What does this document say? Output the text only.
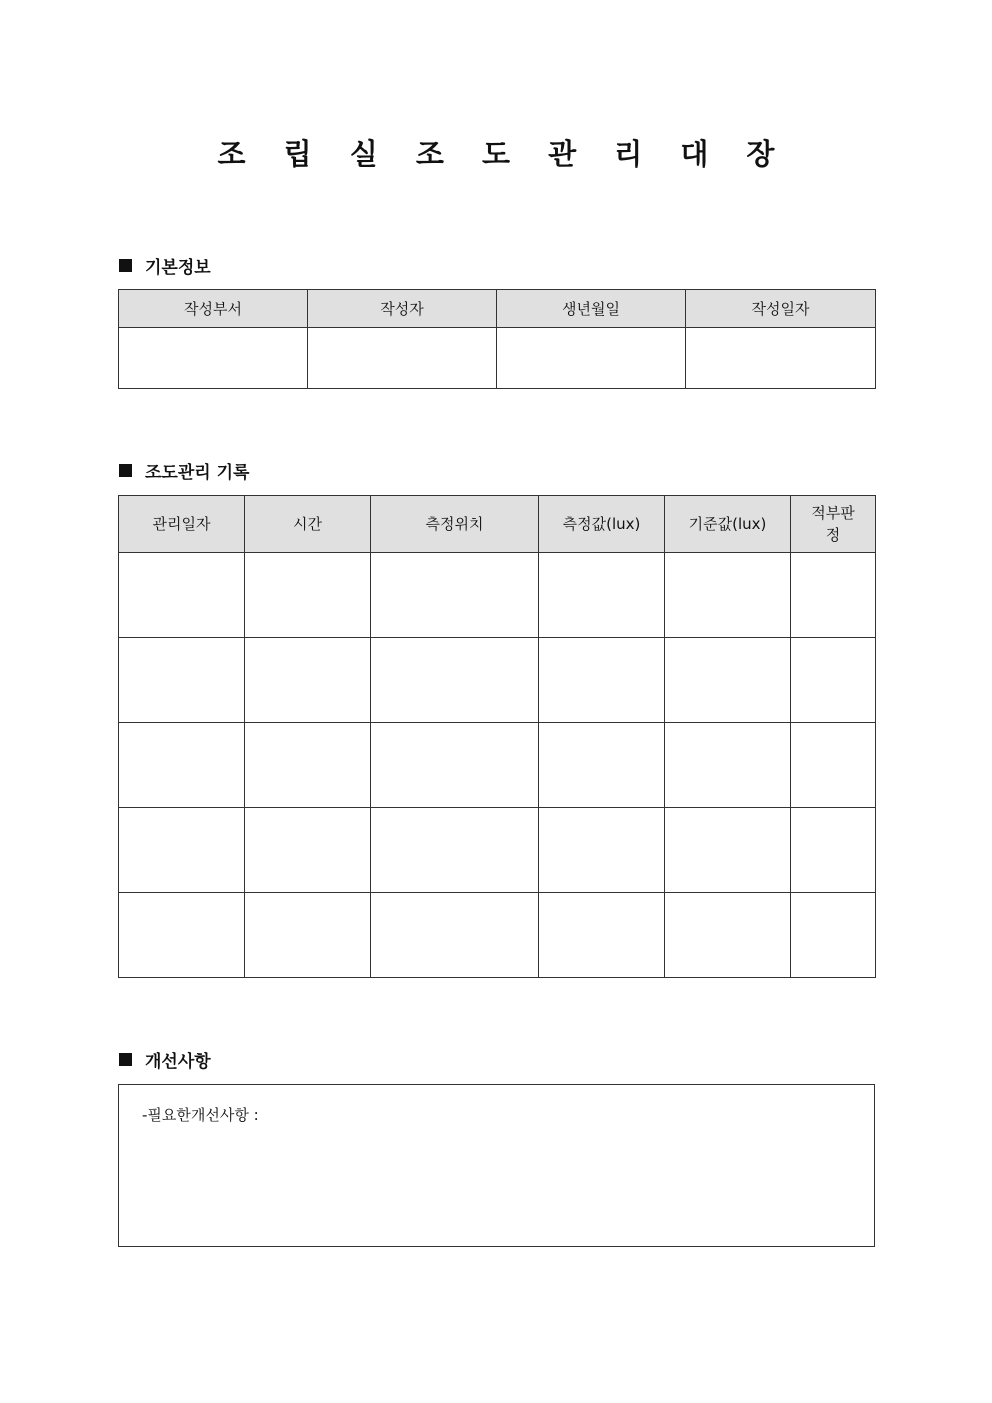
조 립 실 조 도 관 리 대 장
기본정보
작성부서	작성자	생년월일	작성일자

조도관리 기록
관리일자	시간	측정위치	측정값(lux)	기준값(lux)	적부판정

개선사항
-필요한개선사항 :
